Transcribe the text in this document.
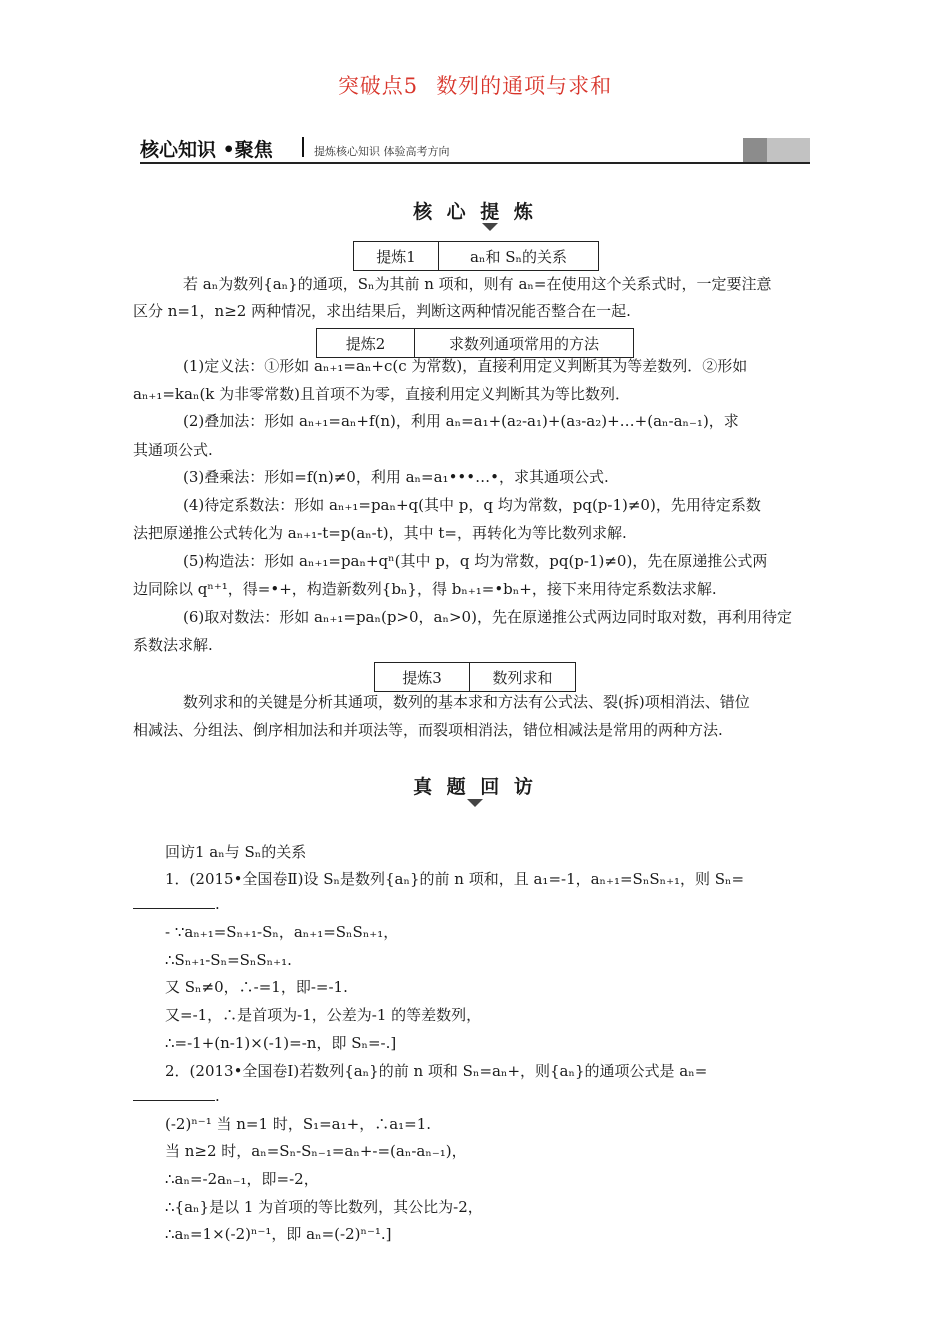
突破点5 数列的通项与求和
核心知识 •聚焦	提炼核心知识 体验高考方向
核 心 提 炼
提炼1	aₙ和 Sₙ的关系
若 aₙ为数列{aₙ}的通项，Sₙ为其前 n 项和，则有 aₙ=在使用这个关系式时，一定要注意
区分 n=1，n≥2 两种情况，求出结果后，判断这两种情况能否整合在一起.
提炼2	求数列通项常用的方法
(1)定义法：①形如 aₙ₊₁=aₙ+c(c 为常数)，直接利用定义判断其为等差数列．②形如
aₙ₊₁=kaₙ(k 为非零常数)且首项不为零，直接利用定义判断其为等比数列．
(2)叠加法：形如 aₙ₊₁=aₙ+f(n)，利用 aₙ=a₁+(a₂-a₁)+(a₃-a₂)+…+(aₙ-aₙ₋₁)，求
其通项公式.
(3)叠乘法：形如=f(n)≠0，利用 aₙ=a₁•••…•，求其通项公式.
(4)待定系数法：形如 aₙ₊₁=paₙ+q(其中 p，q 均为常数，pq(p-1)≠0)，先用待定系数
法把原递推公式转化为 aₙ₊₁-t=p(aₙ-t)，其中 t=，再转化为等比数列求解.
(5)构造法：形如 aₙ₊₁=paₙ+qⁿ(其中 p，q 均为常数，pq(p-1)≠0)，先在原递推公式两
边同除以 qⁿ⁺¹，得=•+，构造新数列{bₙ}，得 bₙ₊₁=•bₙ+，接下来用待定系数法求解.
(6)取对数法：形如 aₙ₊₁=paₙ(p>0，aₙ>0)，先在原递推公式两边同时取对数，再利用待定
系数法求解.
提炼3	数列求和
数列求和的关键是分析其通项，数列的基本求和方法有公式法、裂(拆)项相消法、错位
相减法、分组法、倒序相加法和并项法等，而裂项相消法，错位相减法是常用的两种方法.
真 题 回 访
回访1 aₙ与 Sₙ的关系
1．(2015•全国卷Ⅱ)设 Sₙ是数列{aₙ}的前 n 项和，且 a₁=-1，aₙ₊₁=SₙSₙ₊₁，则 Sₙ=
.
- ∵aₙ₊₁=Sₙ₊₁-Sₙ，aₙ₊₁=SₙSₙ₊₁，
∴Sₙ₊₁-Sₙ=SₙSₙ₊₁.
又 Sₙ≠0，∴-=1，即-=-1.
又=-1，∴是首项为-1，公差为-1 的等差数列，
∴=-1+(n-1)×(-1)=-n，即 Sₙ=-.]
2．(2013•全国卷Ⅰ)若数列{aₙ}的前 n 项和 Sₙ=aₙ+，则{aₙ}的通项公式是 aₙ=
.
(-2)ⁿ⁻¹ 当 n=1 时，S₁=a₁+，∴a₁=1.
当 n≥2 时，aₙ=Sₙ-Sₙ₋₁=aₙ+-=(aₙ-aₙ₋₁)，
∴aₙ=-2aₙ₋₁，即=-2，
∴{aₙ}是以 1 为首项的等比数列，其公比为-2，
∴aₙ=1×(-2)ⁿ⁻¹，即 aₙ=(-2)ⁿ⁻¹.]
